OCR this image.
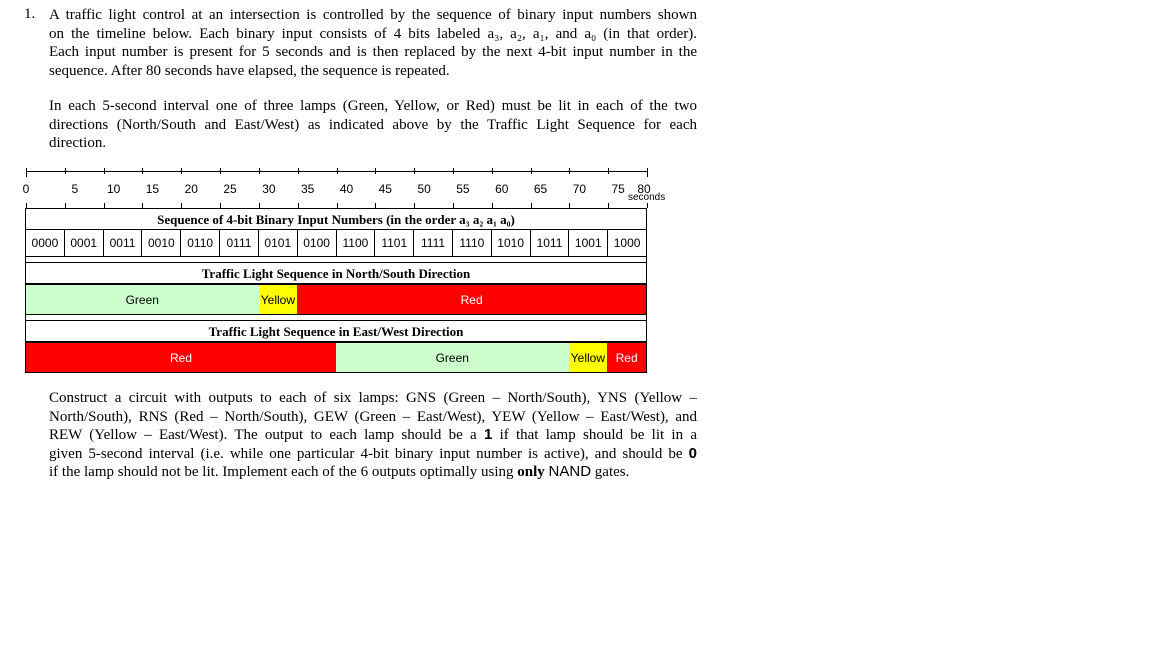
1. A traffic light control at an intersection is controlled by the sequence of binary input numbers shown
on the timeline below. Each binary input consists of 4 bits labeled a₃, a₂, a₁, and a₀ (in that order).
Each input number is present for 5 seconds and is then replaced by the next 4-bit input number in the
sequence. After 80 seconds have elapsed, the sequence is repeated.
In each 5-second interval one of three lamps (Green, Yellow, or Red) must be lit in each of the two
directions (North/South and East/West) as indicated above by the Traffic Light Sequence for each
direction.
seconds
0	5 10 15 20 25 30 35 40 45 50 55 60 65 70 75 80
Sequence of 4-bit Binary Input Numbers (in the order a₃ a₂ a₁ a₀)
0000	0001	0011	0010	0110	0111	0101	0100	1100	1101	1111	1110	1010	1011	1001	1000
Traffic Light Sequence in North/South Direction
Green	Yellow	Red
Traffic Light Sequence in East/West Direction
Red	Green	Yellow Red
Construct a circuit with outputs to each of six lamps: GNS (Green – North/South), YNS (Yellow –
North/South), RNS (Red – North/South), GEW (Green – East/West), YEW (Yellow – East/West), and
REW (Yellow – East/West). The output to each lamp should be a 1 if that lamp should be lit in a
given 5-second interval (i.e. while one particular 4-bit binary input number is active), and should be 0
if the lamp should not be lit. Implement each of the 6 outputs optimally using only NAND gates.
